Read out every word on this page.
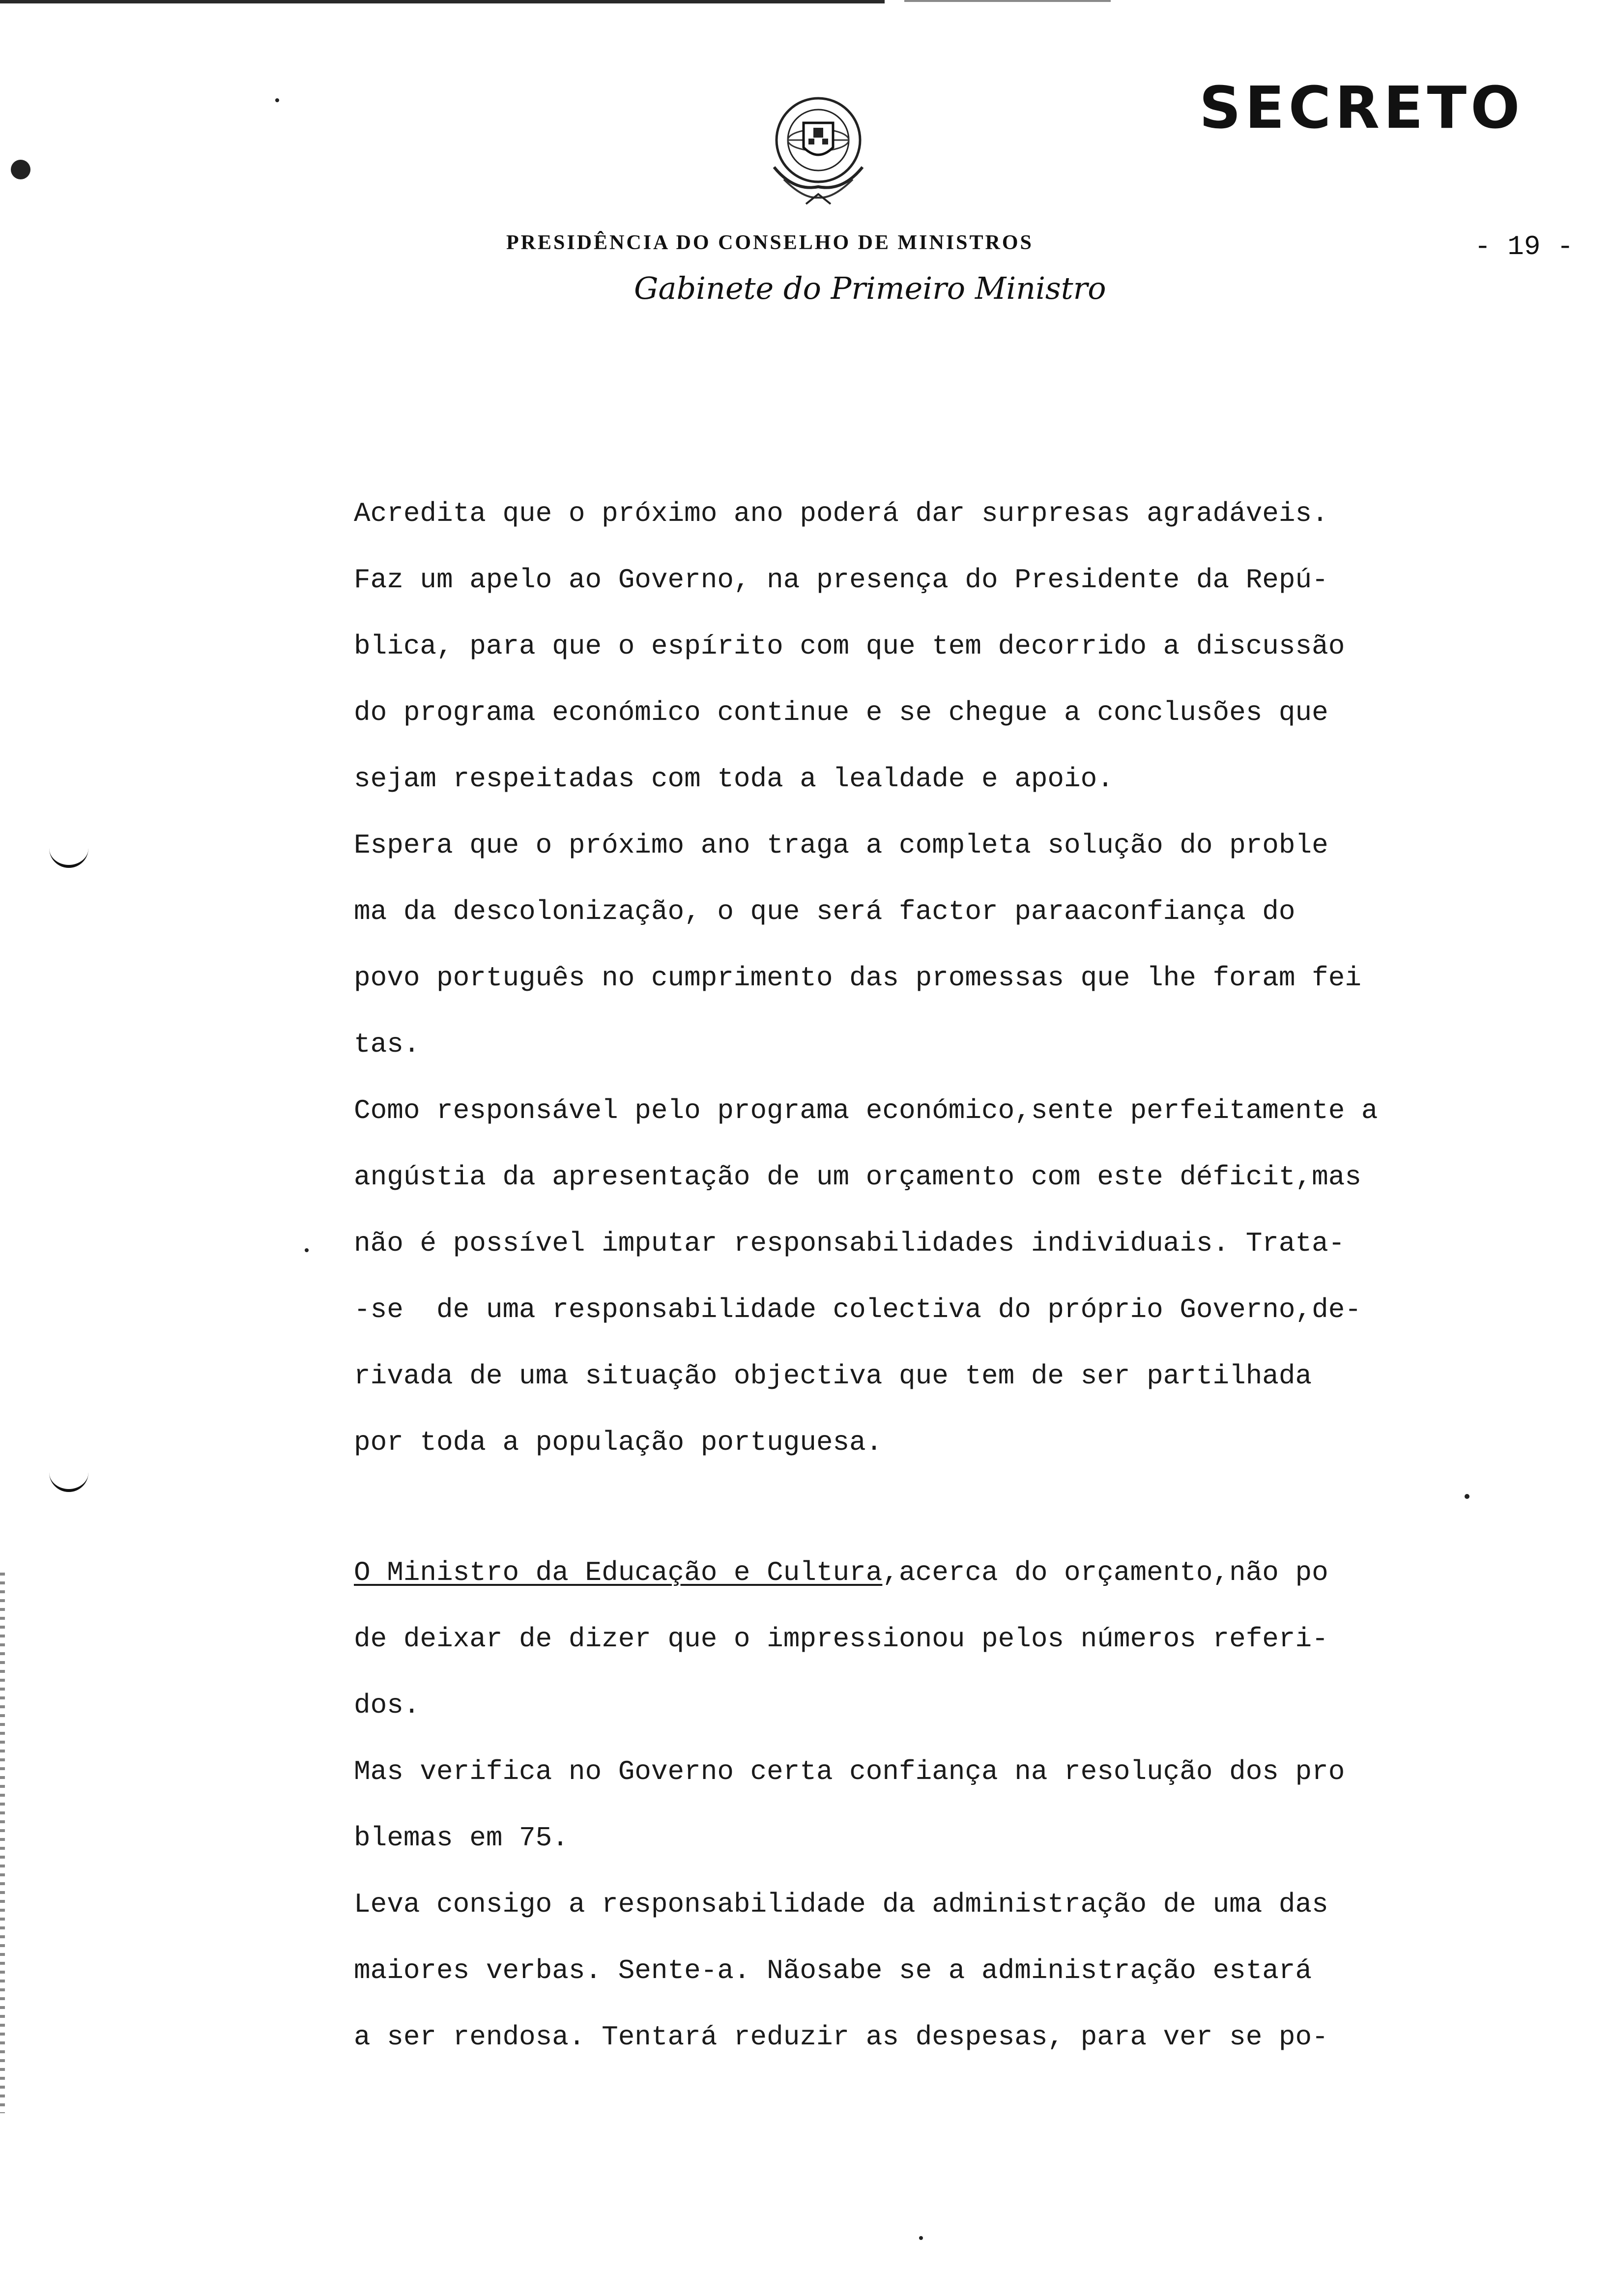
SECRETO
PRESIDÊNCIA DO CONSELHO DE MINISTROS
Gabinete do Primeiro Ministro
- 19 -
Acredita que o próximo ano poderá dar surpresas agradáveis.
Faz um apelo ao Governo, na presença do Presidente da Repú-
blica, para que o espírito com que tem decorrido a discussão
do programa económico continue e se chegue a conclusões que
sejam respeitadas com toda a lealdade e apoio.
Espera que o próximo ano traga a completa solução do proble
ma da descolonização, o que será factor paraaconfiança do
povo português no cumprimento das promessas que lhe foram fei
tas.
Como responsável pelo programa económico,sente perfeitamente a
angústia da apresentação de um orçamento com este déficit,mas
não é possível imputar responsabilidades individuais. Trata-
-se  de uma responsabilidade colectiva do próprio Governo,de-
rivada de uma situação objectiva que tem de ser partilhada
por toda a população portuguesa.
O Ministro da Educação e Cultura,acerca do orçamento,não po
de deixar de dizer que o impressionou pelos números referi-
dos.
Mas verifica no Governo certa confiança na resolução dos pro
blemas em 75.
Leva consigo a responsabilidade da administração de uma das
maiores verbas. Sente-a. Nãosabe se a administração estará
a ser rendosa. Tentará reduzir as despesas, para ver se po-
